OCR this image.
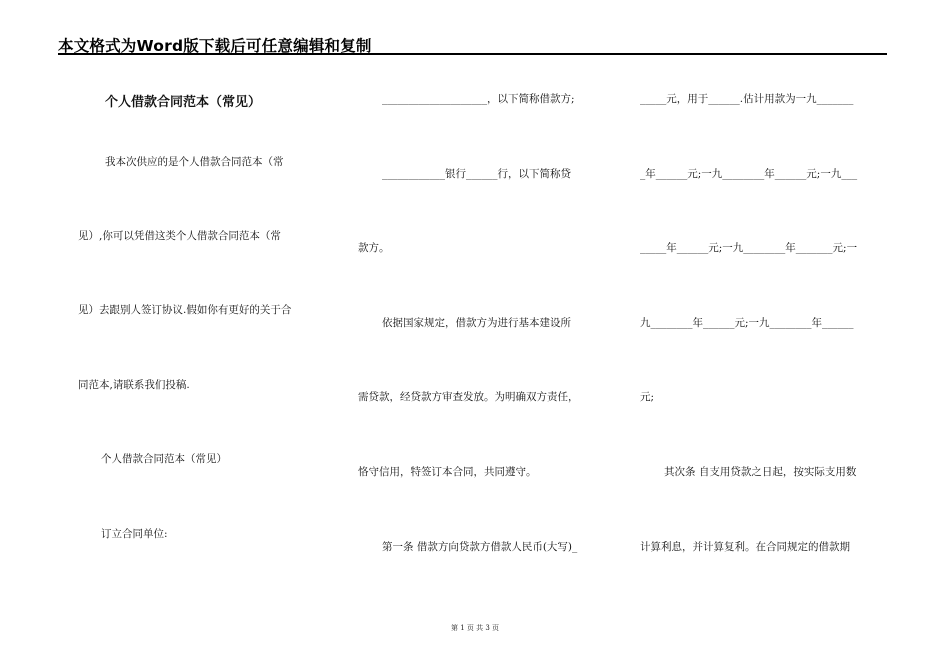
本文格式为Word版下载后可任意编辑和复制
个人借款合同范本（常见）
我本次供应的是个人借款合同范本（常
见）,你可以凭借这类个人借款合同范本（常
见）去跟别人签订协议.假如你有更好的关于合
同范本,请联系我们投稿.
个人借款合同范本（常见）
订立合同单位:
____________________，以下简称借款方;
____________银行______行，以下简称贷
款方。
依据国家规定，借款方为进行基本建设所
需贷款，经贷款方审查发放。为明确双方责任，
恪守信用，特签订本合同，共同遵守。
第一条 借款方向贷款方借款人民币(大写)_
_____元，用于______.估计用款为一九_______
_年______元;一九________年______元;一九___
_____年______元;一九________年_______元;一
九________年______元;一九________年______
元;
其次条 自支用贷款之日起，按实际支用数
计算利息，并计算复利。在合同规定的借款期
第 1 页 共 3 页
